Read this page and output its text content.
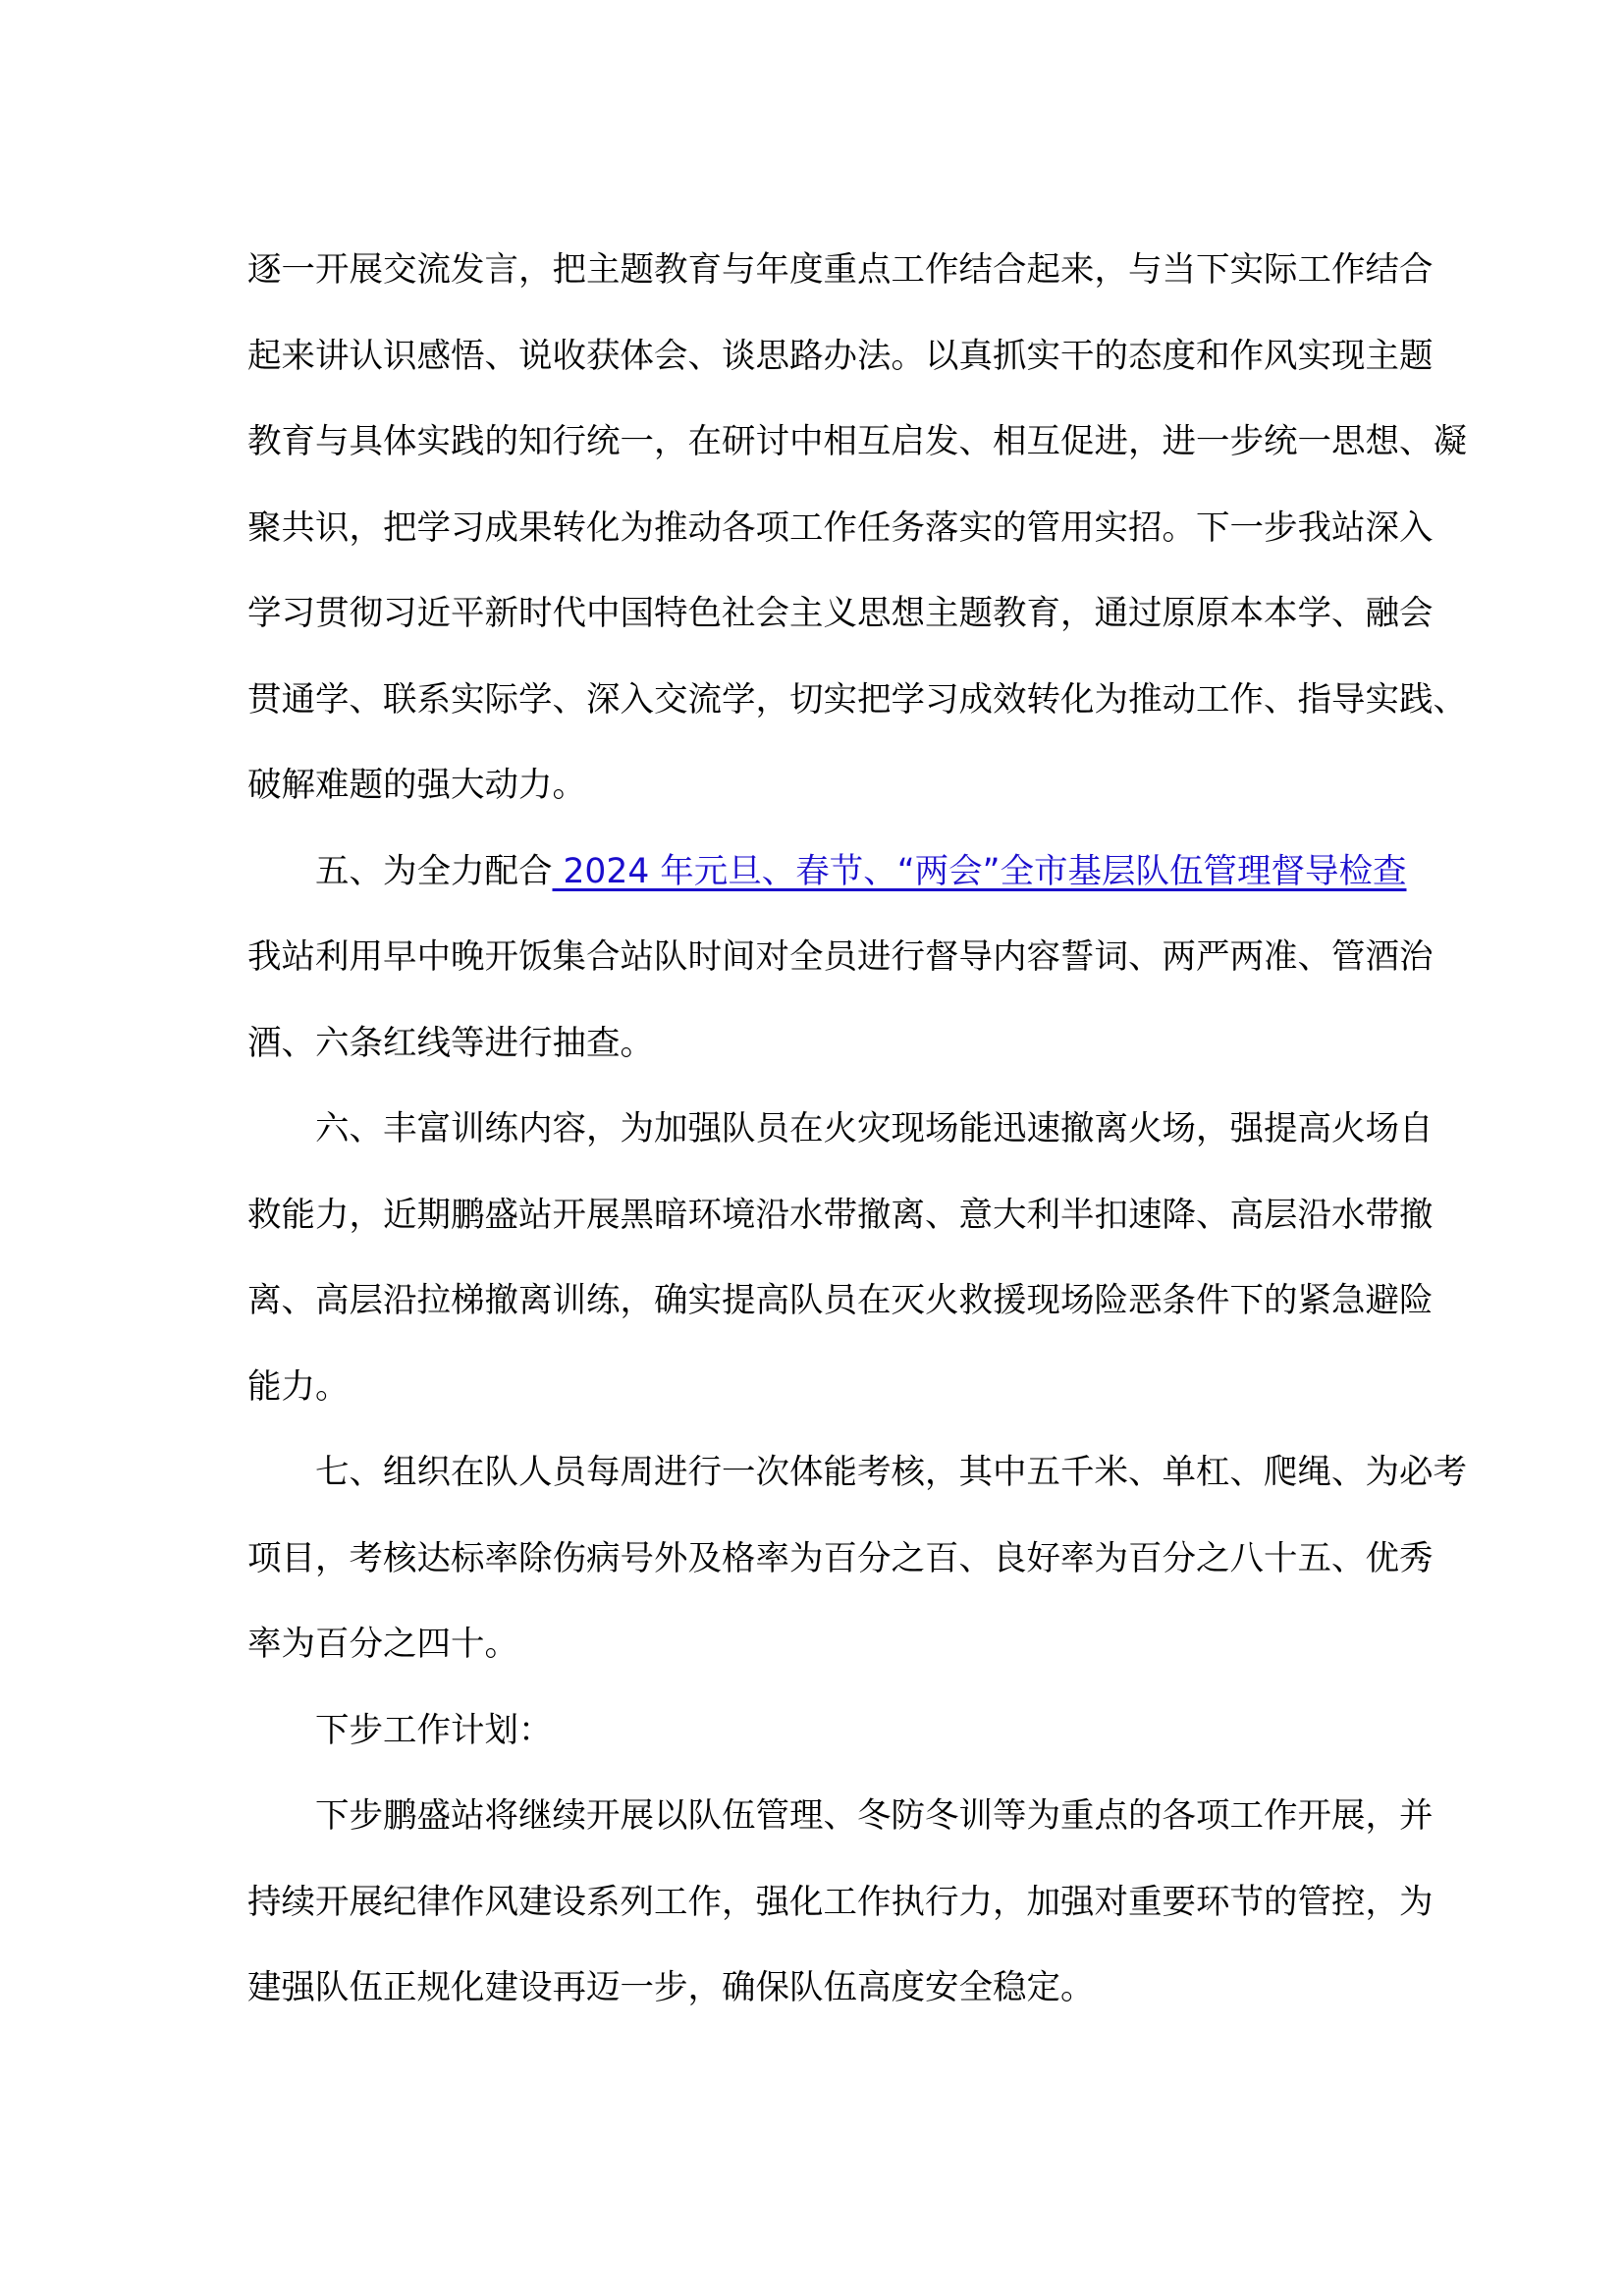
逐一开展交流发言，把主题教育与年度重点工作结合起来，与当下实际工作结合
起来讲认识感悟、说收获体会、谈思路办法。以真抓实干的态度和作风实现主题
教育与具体实践的知行统一，在研讨中相互启发、相互促进，进一步统一思想、凝
聚共识，把学习成果转化为推动各项工作任务落实的管用实招。下一步我站深入
学习贯彻习近平新时代中国特色社会主义思想主题教育，通过原原本本学、融会
贯通学、联系实际学、深入交流学，切实把学习成效转化为推动工作、指导实践、
破解难题的强大动力。
五、为全力配合 2024 年元旦、春节、“两会”全市基层队伍管理督导检查
我站利用早中晚开饭集合站队时间对全员进行督导内容誓词、两严两准、管酒治
酒、六条红线等进行抽查。
六、丰富训练内容，为加强队员在火灾现场能迅速撤离火场，强提高火场自
救能力，近期鹏盛站开展黑暗环境沿水带撤离、意大利半扣速降、高层沿水带撤
离、高层沿拉梯撤离训练，确实提高队员在灭火救援现场险恶条件下的紧急避险
能力。
七、组织在队人员每周进行一次体能考核，其中五千米、单杠、爬绳、为必考
项目，考核达标率除伤病号外及格率为百分之百、良好率为百分之八十五、优秀
率为百分之四十。
下步工作计划：
下步鹏盛站将继续开展以队伍管理、冬防冬训等为重点的各项工作开展，并
持续开展纪律作风建设系列工作，强化工作执行力，加强对重要环节的管控，为
建强队伍正规化建设再迈一步，确保队伍高度安全稳定。
